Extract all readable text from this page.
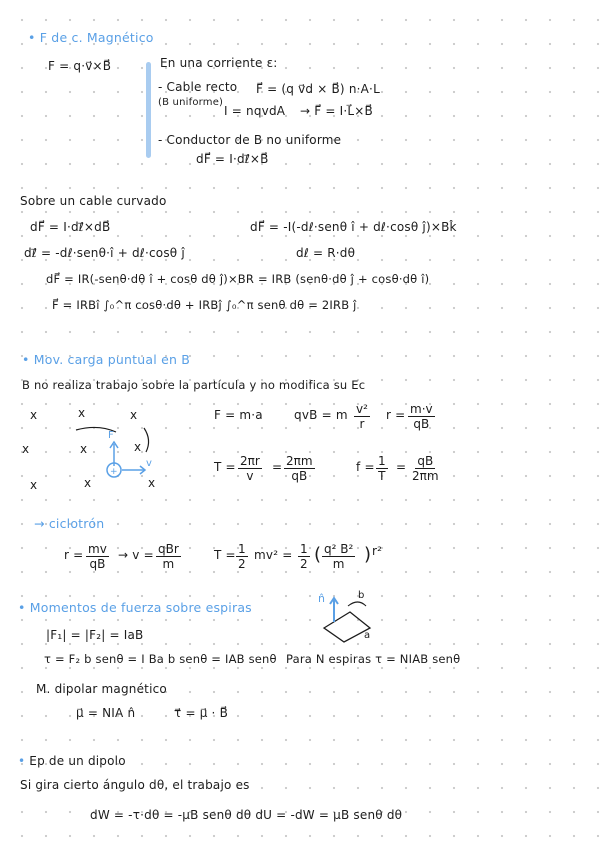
• F de c. Magnético
F = q·v⃗×B⃗	En una corriente ε:
- Cable recto
(B uniforme)
F⃗ = (q v⃗d × B⃗) n·A·L
I = nqvdA → F⃗ = I·L⃗×B⃗
- Conductor de B no uniforme
dF⃗ = I·dℓ⃗×B⃗
Sobre un cable curvado
dF⃗ = I·dℓ⃗×dB⃗	dF⃗ = -I(-dℓ·senθ î + dℓ·cosθ ĵ)×Bk̂
dℓ⃗ = -dℓ·senθ·î + dℓ·cosθ ĵ	dℓ = R·dθ
dF⃗ = IR(-senθ·dθ î + cosθ dθ ĵ)×BR = IRB (senθ·dθ ĵ + cosθ·dθ î)
F⃗ = IRBî ∫₀^π cosθ·dθ + IRBĵ ∫₀^π senθ dθ = 2IRB ĵ
• Mov. carga puntual en B
B no realiza trabajo sobre la partícula y no modifica su Ec
x	x	x
x	x	x
x	x	x
+
F
v
F = m·a	qvB = m $\frac{\text{v²}}{r}$ $r = \frac{m\cdot v}{qB}$
$T = \frac{2\pi r}{v} = \frac{2\pi m}{qB}$	$f = \frac{1}{T} = \frac{qB}{2\pi m}$
→ ciclotrón
$r = \frac{mv}{qB} \to v$ = qBr
m
$T = \frac{1}{2} mv^2 = \frac{1}{2}$ ( $\frac{\text{q² B²}}{m}$ ) r²
• Momentos de fuerza sobre espiras
|F₁| = |F₂| = IaB
τ = F₂ b senθ = I Ba b senθ = IAB senθ Para N espiras τ = NIAB senθ
M. dipolar magnético
μ⃗ = NIA n̂	τ⃗ = μ⃗ · B⃗
n̂	b
a
• Ep de un dipolo
Si gira cierto ángulo dθ, el trabajo es
dW = -τ·dθ = -μB senθ dθ dU = -dW = μB senθ dθ
